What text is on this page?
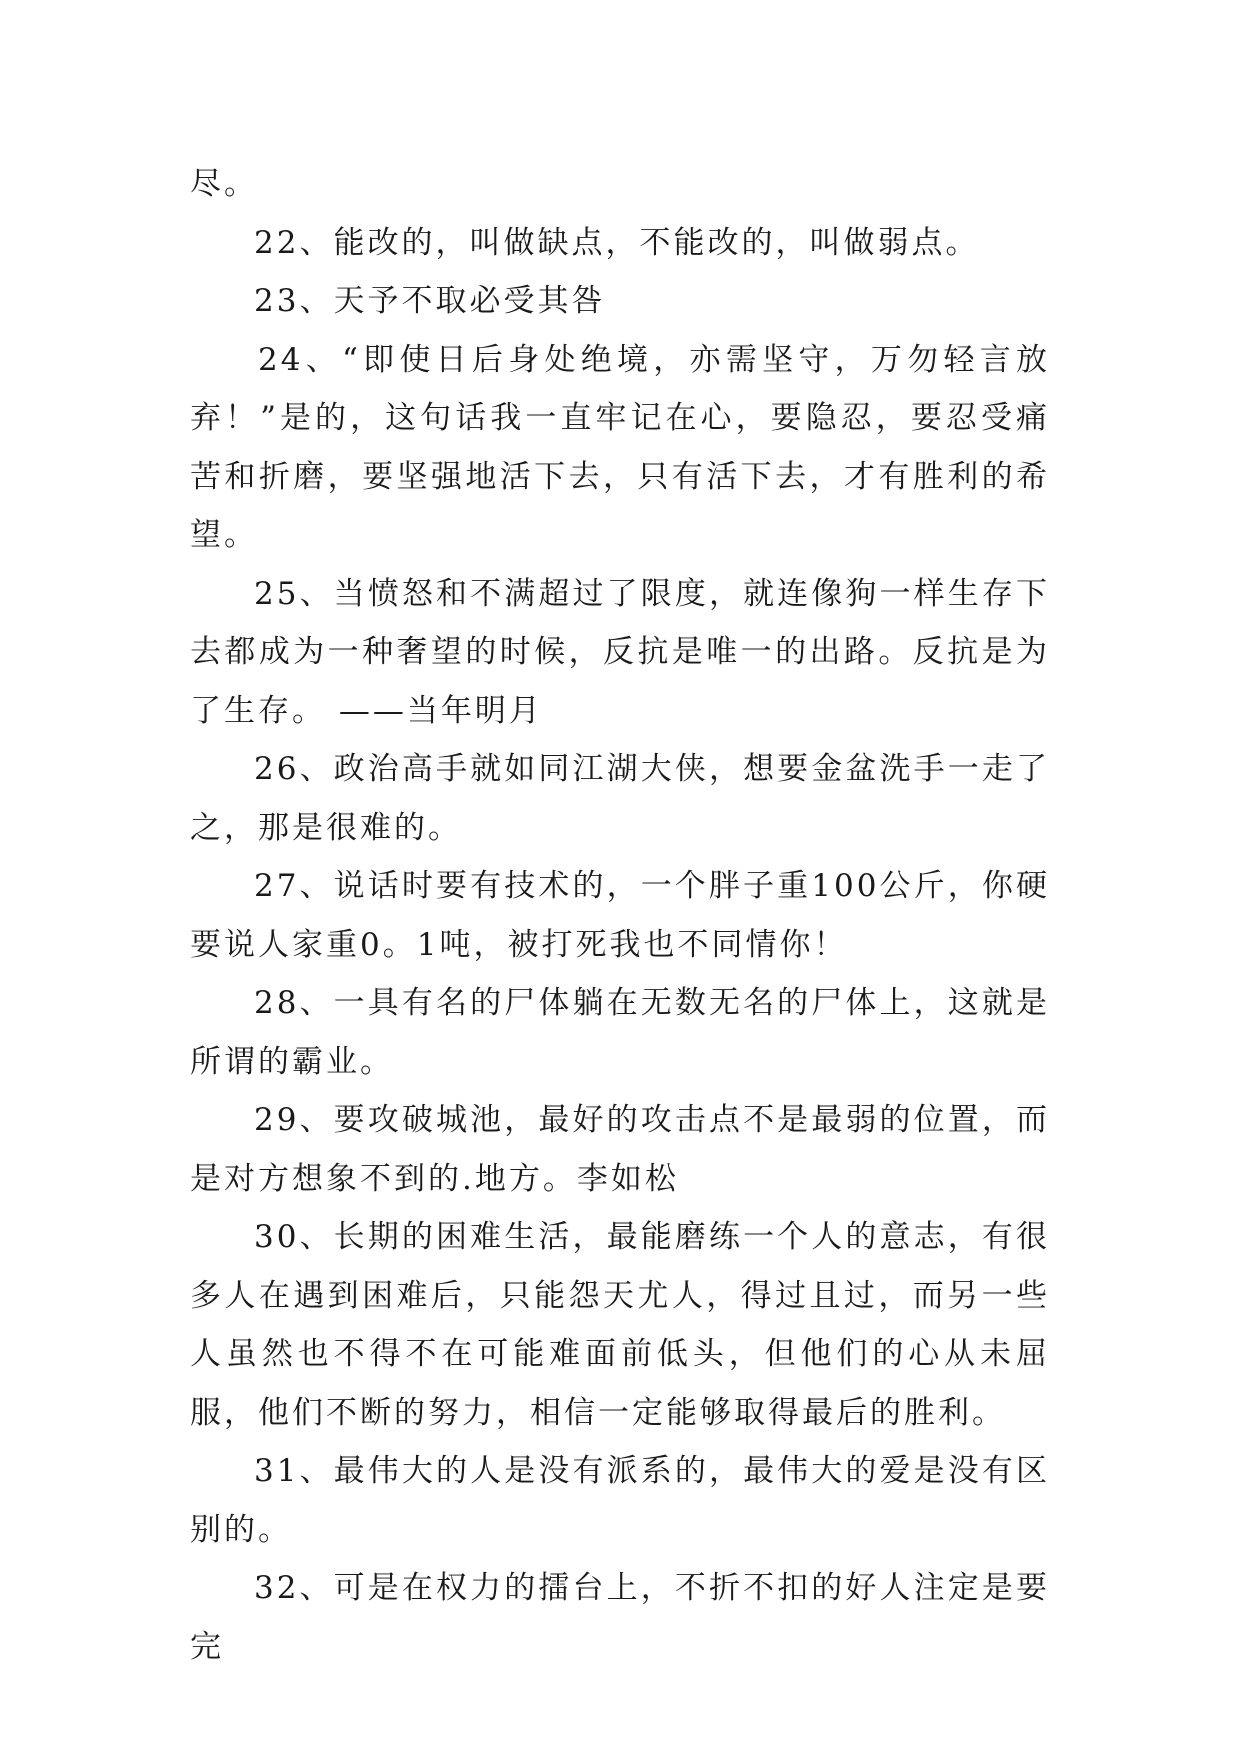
尽。

22、能改的，叫做缺点，不能改的，叫做弱点。

23、天予不取必受其咎

24、“即使日后身处绝境，亦需坚守，万勿轻言放弃！”是的，这句话我一直牢记在心，要隐忍，要忍受痛苦和折磨，要坚强地活下去，只有活下去，才有胜利的希望。

25、当愤怒和不满超过了限度，就连像狗一样生存下去都成为一种奢望的时候，反抗是唯一的出路。反抗是为了生存。 ——当年明月

26、政治高手就如同江湖大侠，想要金盆洗手一走了之，那是很难的。

27、说话时要有技术的，一个胖子重100公斤，你硬要说人家重0。1吨，被打死我也不同情你！

28、一具有名的尸体躺在无数无名的尸体上，这就是所谓的霸业。

29、要攻破城池，最好的攻击点不是最弱的位置，而是对方想象不到的.地方。李如松

30、长期的困难生活，最能磨练一个人的意志，有很多人在遇到困难后，只能怨天尤人，得过且过，而另一些人虽然也不得不在可能难面前低头，但他们的心从未屈服，他们不断的努力，相信一定能够取得最后的胜利。

31、最伟大的人是没有派系的，最伟大的爱是没有区别的。

32、可是在权力的擂台上，不折不扣的好人注定是要完
